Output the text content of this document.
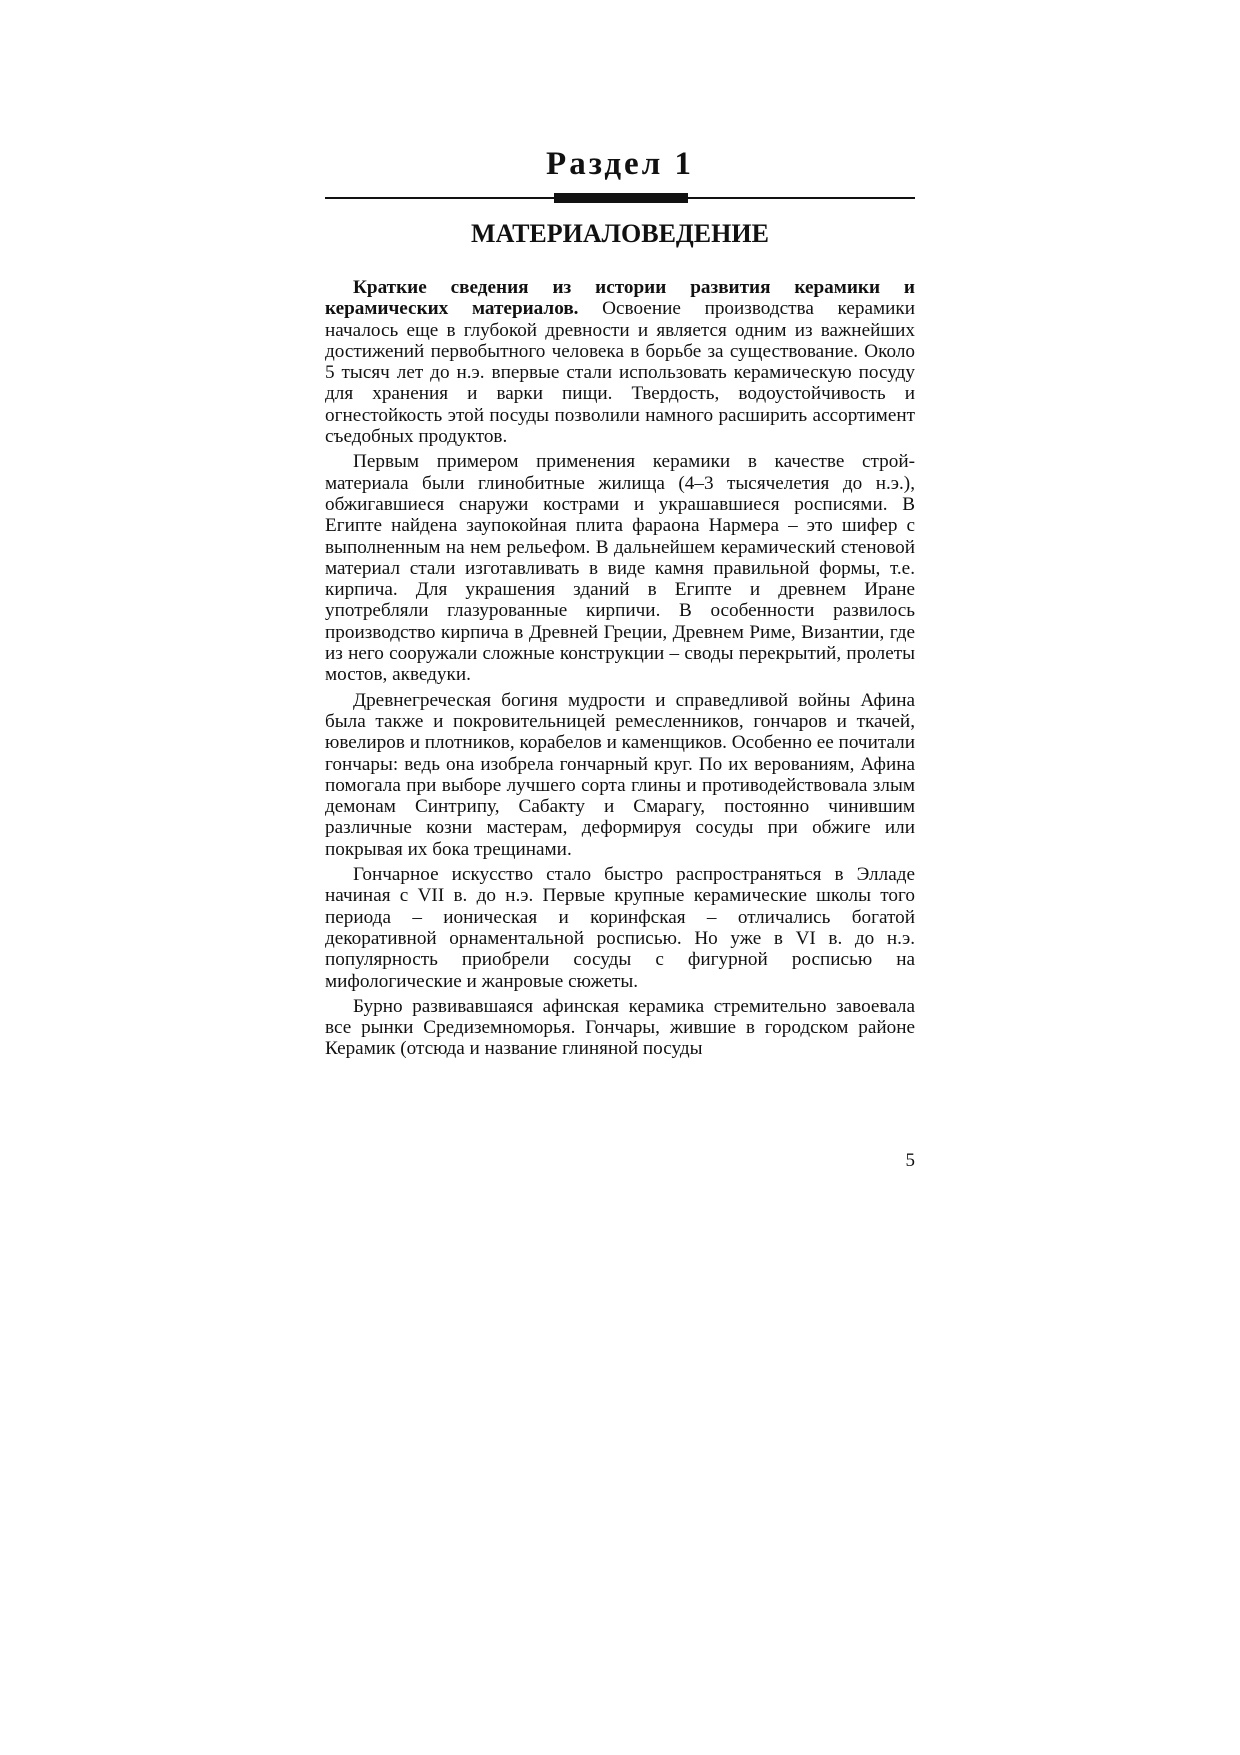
Раздел 1
МАТЕРИАЛОВЕДЕНИЕ

Краткие сведения из истории развития керамики и керамических материалов. Освоение производства керамики началось еще в глубокой древности и является одним из важнейших достижений первобытного человека в борьбе за существование. Около 5 тысяч лет до н.э. впервые стали использовать керамическую посуду для хранения и варки пищи. Твердость, водоустойчивость и огнестойкость этой посуды позволили намного расширить ассортимент съедобных продуктов.

Первым примером применения керамики в качестве строй-материала были глинобитные жилища (4–3 тысячелетия до н.э.), обжигавшиеся снаружи кострами и украшавшиеся росписями. В Египте найдена заупокойная плита фараона Нармера – это шифер с выполненным на нем рельефом. В дальнейшем керамический стеновой материал стали изготавливать в виде камня правильной формы, т.е. кирпича. Для украшения зданий в Египте и древнем Иране употребляли глазурованные кирпичи. В особенности развилось производство кирпича в Древней Греции, Древнем Риме, Византии, где из него сооружали сложные конструкции – своды перекрытий, пролеты мостов, акведуки.

Древнегреческая богиня мудрости и справедливой войны Афина была также и покровительницей ремесленников, гончаров и ткачей, ювелиров и плотников, корабелов и каменщиков. Особенно ее почитали гончары: ведь она изобрела гончарный круг. По их верованиям, Афина помогала при выборе лучшего сорта глины и противодействовала злым демонам Синтрипу, Сабакту и Смарагу, постоянно чинившим различные козни мастерам, деформируя сосуды при обжиге или покрывая их бока трещинами.

Гончарное искусство стало быстро распространяться в Элладе начиная с VII в. до н.э. Первые крупные керамические школы того периода – ионическая и коринфская – отличались богатой декоративной орнаментальной росписью. Но уже в VI в. до н.э. популярность приобрели сосуды с фигурной росписью на мифологические и жанровые сюжеты.

Бурно развивавшаяся афинская керамика стремительно завоевала все рынки Средиземноморья. Гончары, жившие в городском районе Керамик (отсюда и название глиняной посуды

5
